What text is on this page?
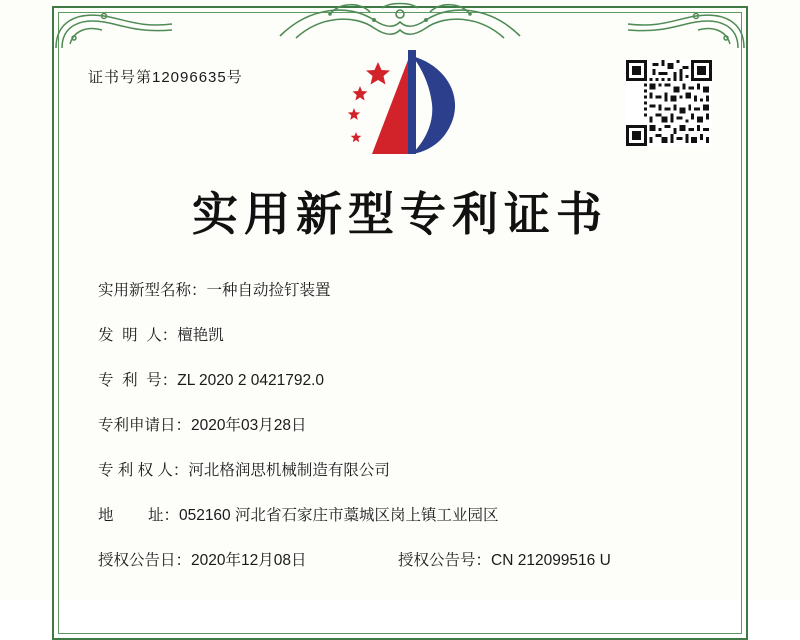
证书号第12096635号
实用新型专利证书
实用新型名称： 一种自动捡钉装置
发  明  人： 檀艳凯
专  利  号： ZL 2020 2 0421792.0
专利申请日： 2020年03月28日
专 利 权 人： 河北格润思机械制造有限公司
地        址： 052160 河北省石家庄市藁城区岗上镇工业园区
授权公告日： 2020年12月08日	授权公告号： CN 212099516 U
